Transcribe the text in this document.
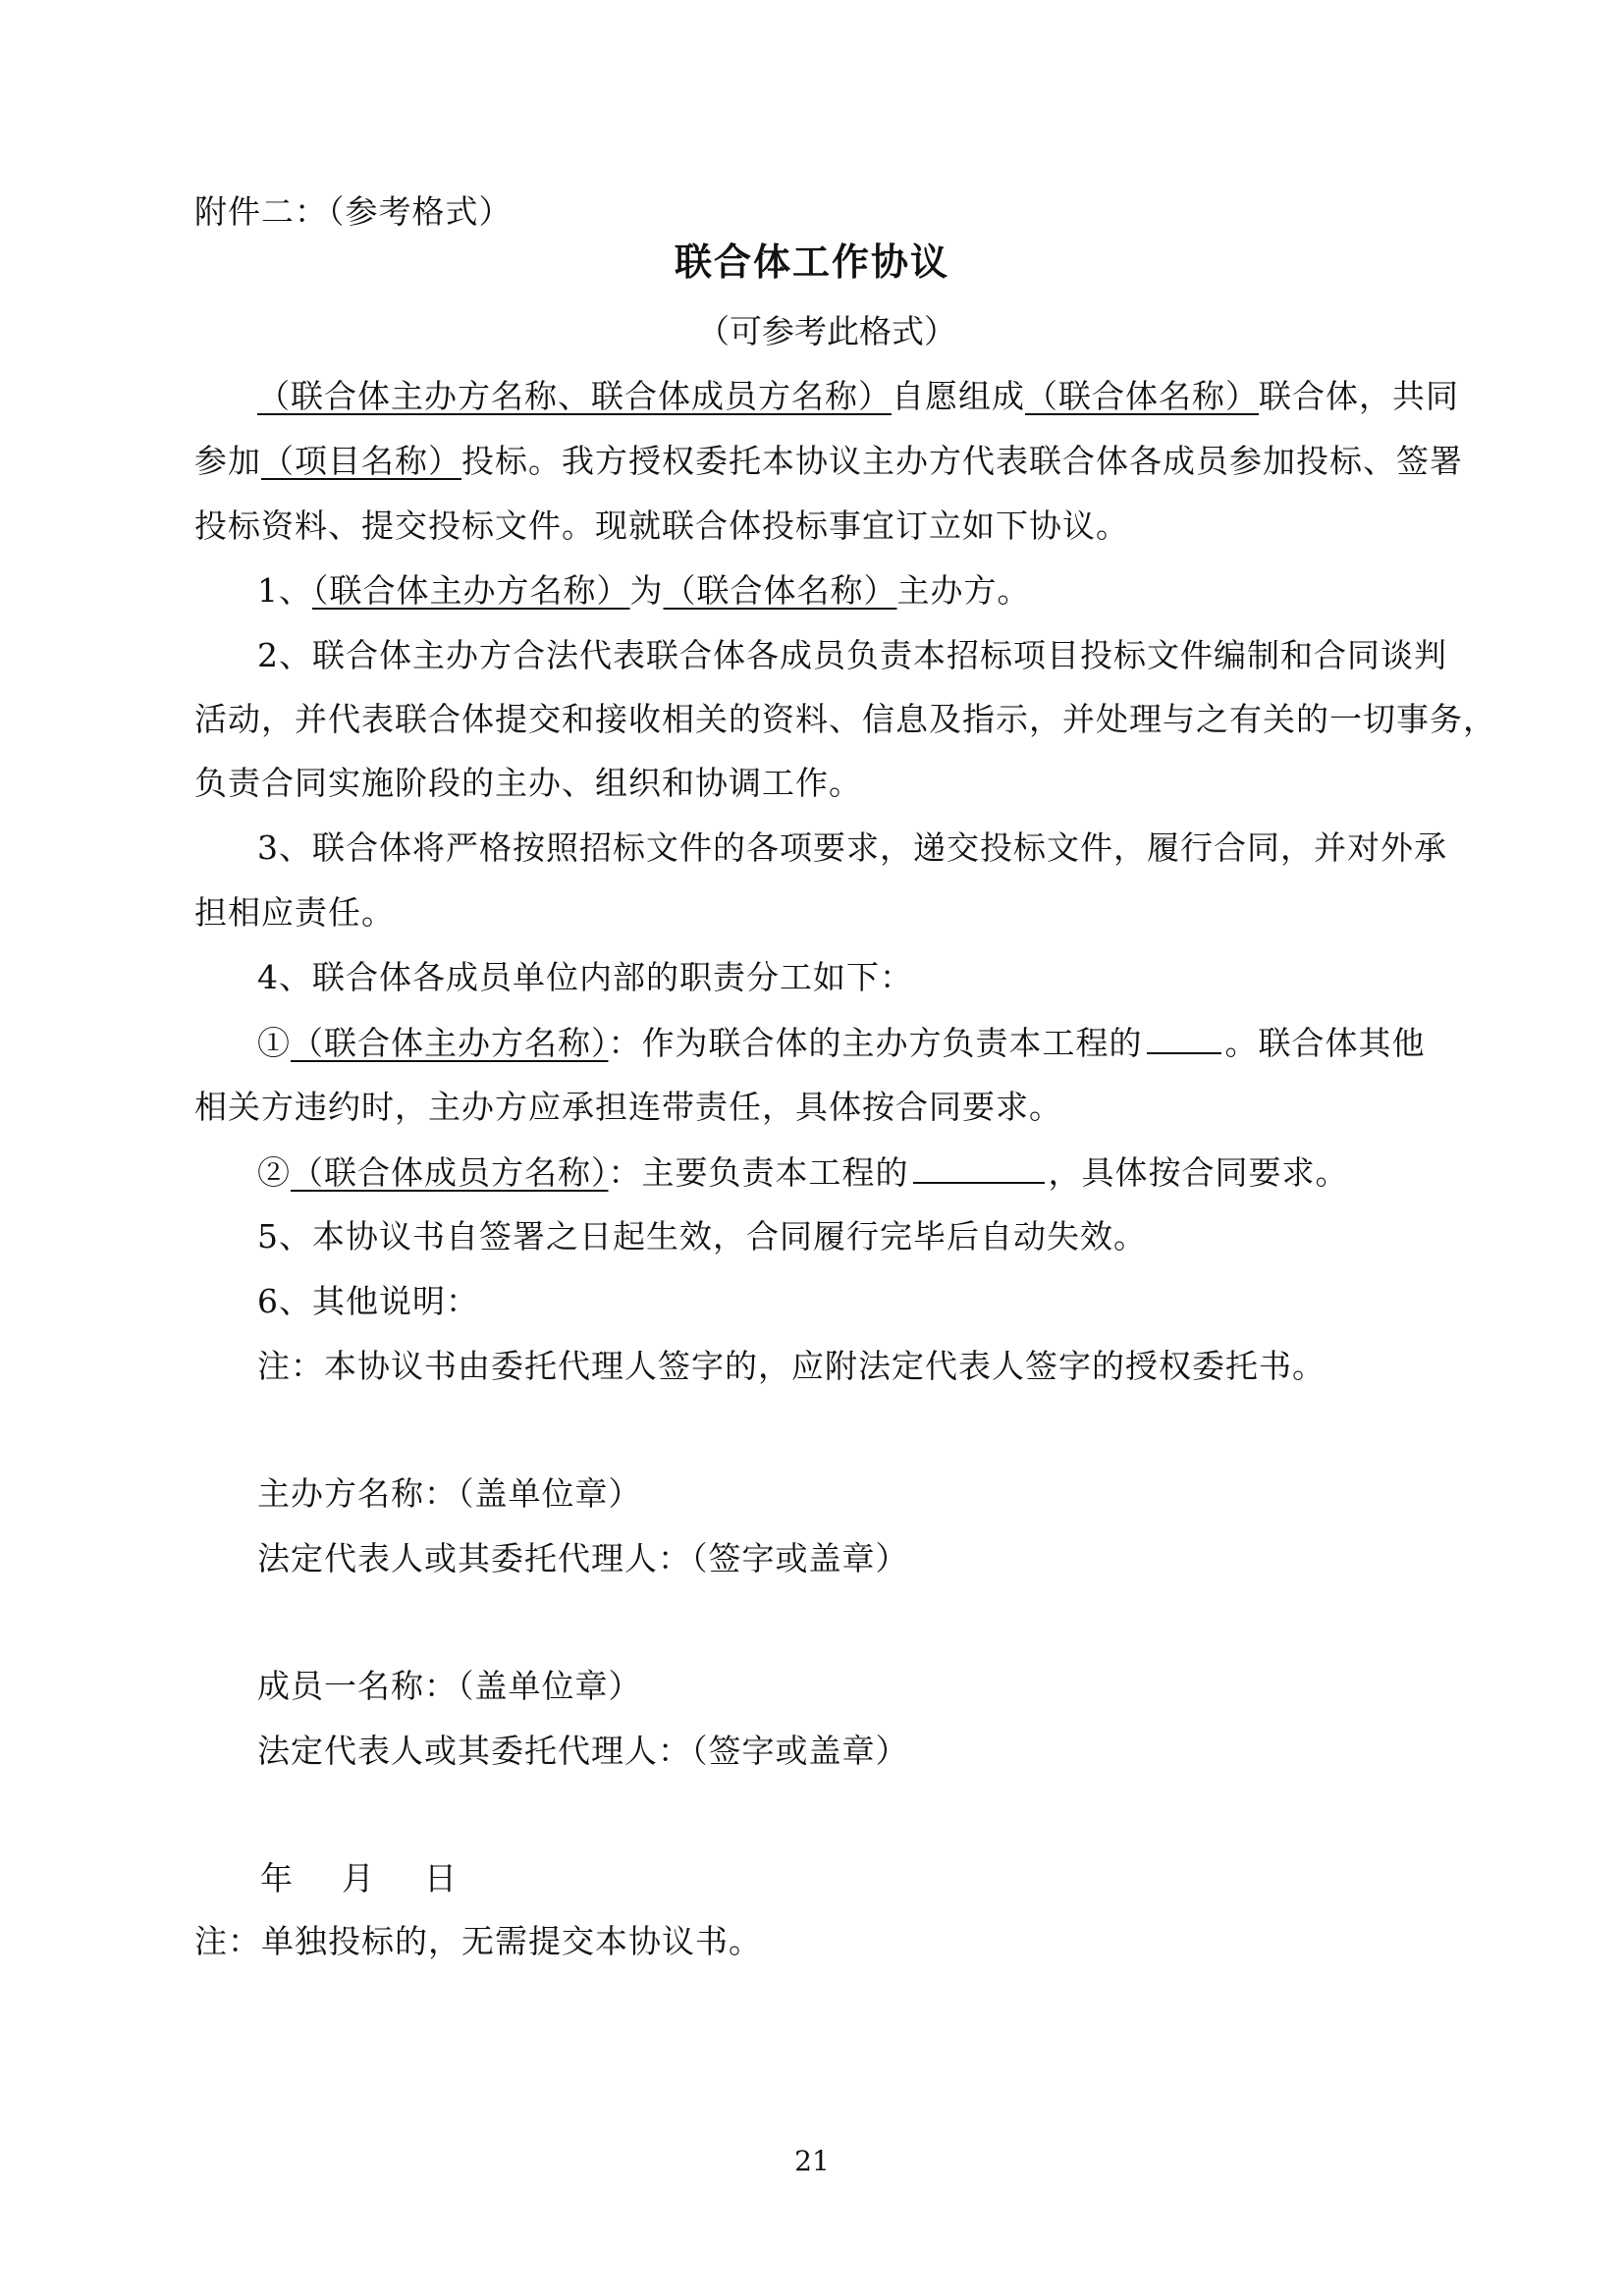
附件二：（参考格式）
联合体工作协议
（可参考此格式）
（联合体主办方名称、联合体成员方名称）自愿组成（联合体名称）联合体，共同
参加（项目名称）投标。我方授权委托本协议主办方代表联合体各成员参加投标、签署
投标资料、提交投标文件。现就联合体投标事宜订立如下协议。
1、（联合体主办方名称）为（联合体名称）主办方。
2、联合体主办方合法代表联合体各成员负责本招标项目投标文件编制和合同谈判
活动，并代表联合体提交和接收相关的资料、信息及指示，并处理与之有关的一切事务，
负责合同实施阶段的主办、组织和协调工作。
3、联合体将严格按照招标文件的各项要求，递交投标文件，履行合同，并对外承
担相应责任。
4、联合体各成员单位内部的职责分工如下：
①（联合体主办方名称）：作为联合体的主办方负责本工程的	。联合体其他
相关方违约时，主办方应承担连带责任，具体按合同要求。
②（联合体成员方名称）：主要负责本工程的	，具体按合同要求。
5、本协议书自签署之日起生效，合同履行完毕后自动失效。
6、其他说明：
注：本协议书由委托代理人签字的，应附法定代表人签字的授权委托书。
主办方名称：（盖单位章）
法定代表人或其委托代理人：（签字或盖章）
成员一名称：（盖单位章）
法定代表人或其委托代理人：（签字或盖章）
年 月 日
注：单独投标的，无需提交本协议书。
21
